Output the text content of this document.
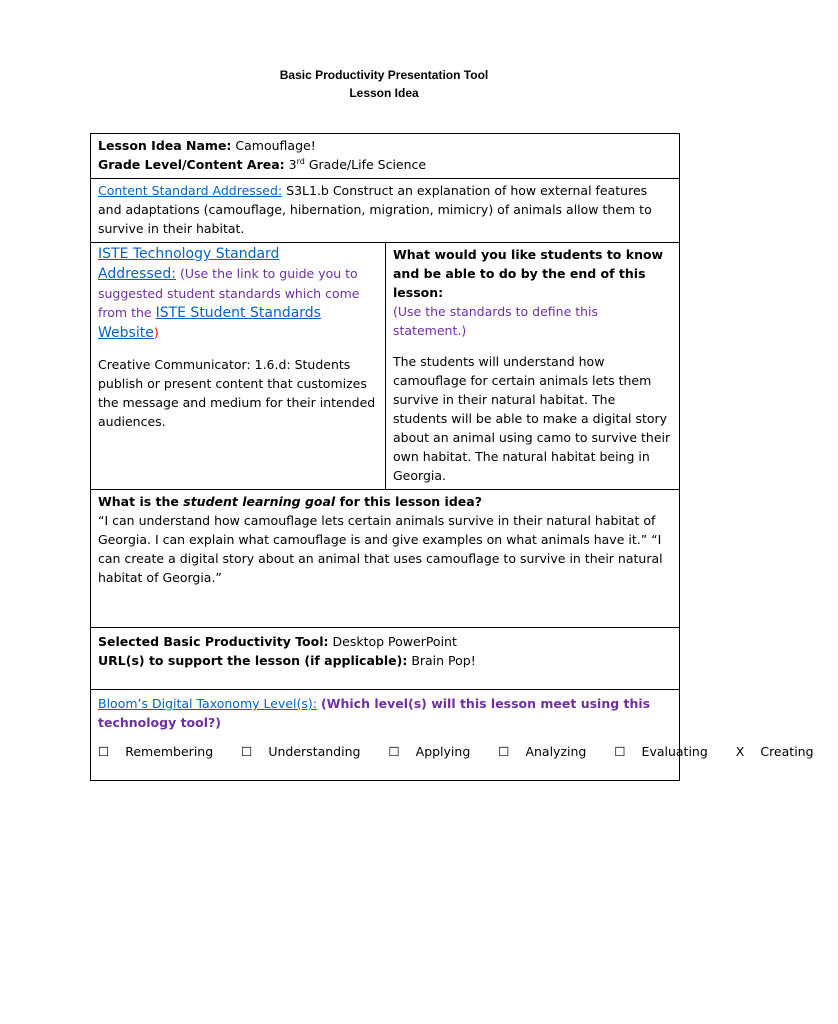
Basic Productivity Presentation Tool
Lesson Idea
Lesson Idea Name: Camouflage!
Grade Level/Content Area: 3rd Grade/Life Science

Content Standard Addressed: S3L1.b Construct an explanation of how external features and adaptations (camouflage, hibernation, migration, mimicry) of animals allow them to survive in their habitat.

ISTE Technology Standard
Addressed: (Use the link to guide you to suggested student standards which come from the ISTE Student Standards Website)
Creative Communicator: 1.6.d: Students publish or present content that customizes the message and medium for their intended audiences.

What would you like students to know and be able to do by the end of this lesson:
(Use the standards to define this statement.)
The students will understand how camouflage for certain animals lets them survive in their natural habitat. The students will be able to make a digital story about an animal using camo to survive their own habitat. The natural habitat being in Georgia.

What is the student learning goal for this lesson idea?
“I can understand how camouflage lets certain animals survive in their natural habitat of Georgia. I can explain what camouflage is and give examples on what animals have it.” “I can create a digital story about an animal that uses camouflage to survive in their natural habitat of Georgia.”

Selected Basic Productivity Tool: Desktop PowerPoint
URL(s) to support the lesson (if applicable): Brain Pop!

Bloom’s Digital Taxonomy Level(s): (Which level(s) will this lesson meet using this technology tool?)
☐ Remembering ☐ Understanding ☐ Applying ☐ Analyzing ☐ Evaluating X Creating
